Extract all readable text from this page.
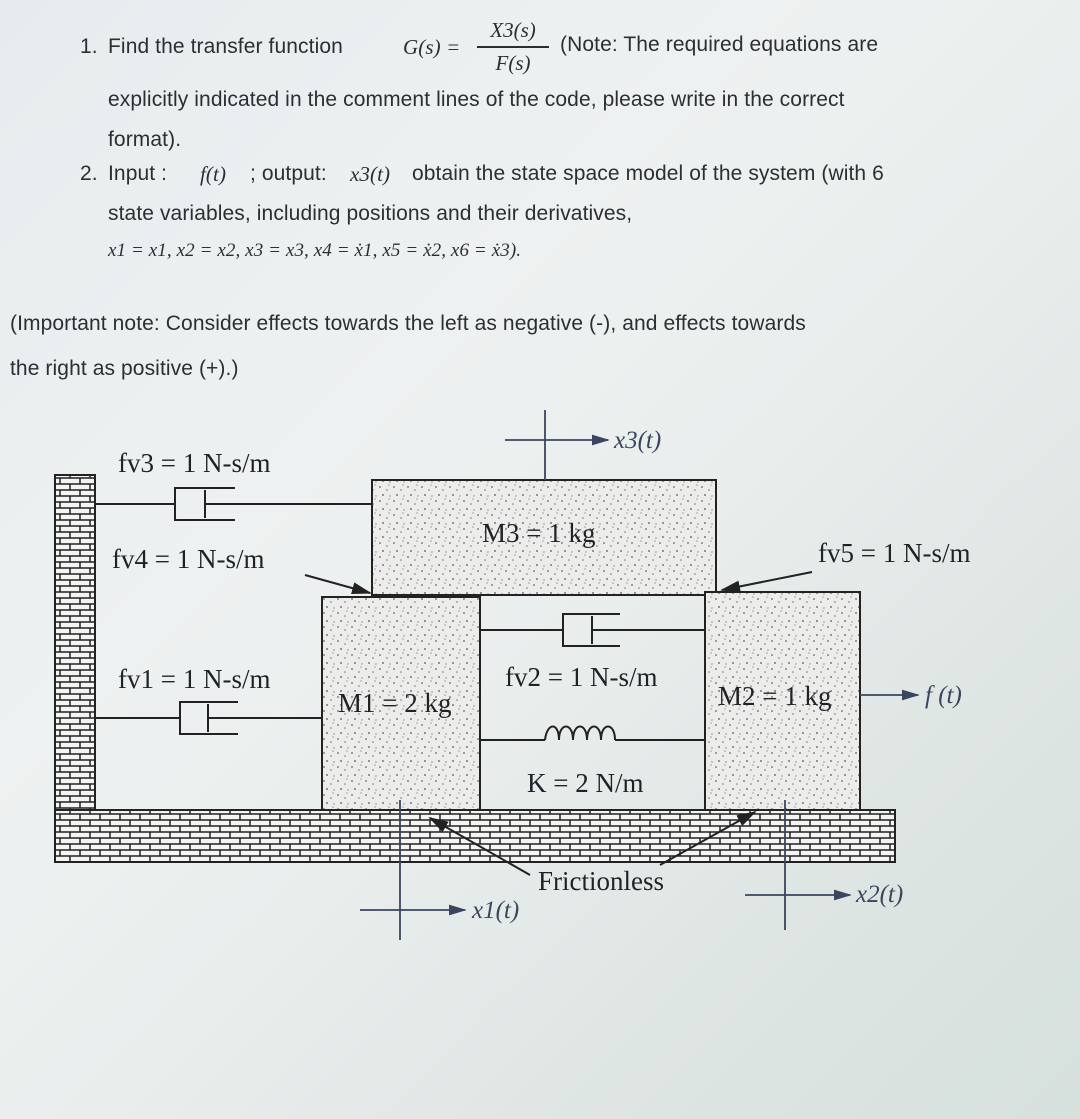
1. Find the transfer function	G(s) =
X3(s)
F(s)
(Note: The required equations are
explicitly indicated in the comment lines of the code, please write in the correct
format).
2. Input : f(t) ; output: x3(t) obtain the state space model of the system (with 6
state variables, including positions and their derivatives,
x1 = x1, x2 = x2, x3 = x3, x4 = ẋ1, x5 = ẋ2, x6 = ẋ3).
(Important note: Consider effects towards the left as negative (-), and effects towards
the right as positive (+).)
fv3 = 1 N-s/m
fv4 = 1 N-s/m
fv1 = 1 N-s/m
fv5 = 1 N-s/m
fv2 = 1 N-s/m
M3 = 1 kg
M1 = 2 kg	M2 = 1 kg
K = 2 N/m
Frictionless
x3(t)
x1(t)
x2(t)
f (t)
